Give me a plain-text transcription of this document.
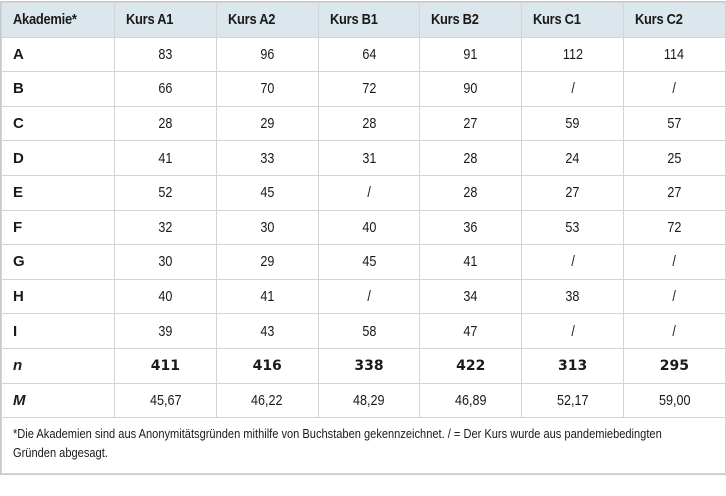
Akademie*	Kurs A1	Kurs A2	Kurs B1	Kurs B2	Kurs C1	Kurs C2
A	83	96	64	91	112	114
B	66	70	72	90	/	/
C	28	29	28	27	59	57
D	41	33	31	28	24	25
E	52	45	/	28	27	27
F	32	30	40	36	53	72
G	30	29	45	41	/	/
H	40	41	/	34	38	/
I	39	43	58	47	/	/
n	411	416	338	422	313	295
M	45,67	46,22	48,29	46,89	52,17	59,00
*Die Akademien sind aus Anonymitätsgründen mithilfe von Buchstaben gekennzeichnet. / = Der Kurs wurde aus pandemiebedingten Gründen abgesagt.						
